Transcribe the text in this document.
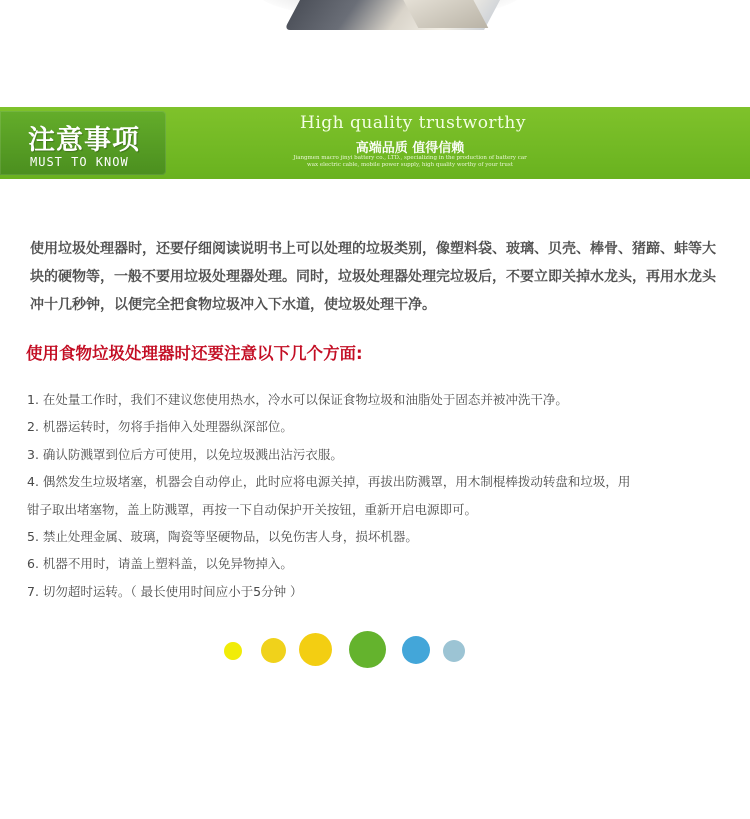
注意事项
MUST TO KNOW
High quality trustworthy
高端品质 值得信赖
Jiangmen macro jinyi battery co., LTD., specializing in the production of battery car
wax electric cable, mobile power supply, high quality worthy of your trust

使用垃圾处理器时，还要仔细阅读说明书上可以处理的垃圾类别，像塑料袋、玻璃、贝壳、棒骨、猪蹄、蚌等大块的硬物等，一般不要用垃圾处理器处理。同时，垃圾处理器处理完垃圾后，不要立即关掉水龙头，再用水龙头冲十几秒钟，以便完全把食物垃圾冲入下水道，使垃圾处理干净。

使用食物垃圾处理器时还要注意以下几个方面:
1. 在处量工作时，我们不建议您使用热水，冷水可以保证食物垃圾和油脂处于固态并被冲洗干净。
2. 机器运转时，勿将手指伸入处理器纵深部位。
3. 确认防溅罩到位后方可使用，以免垃圾溅出沾污衣服。
4. 偶然发生垃圾堵塞，机器会自动停止，此时应将电源关掉，再拔出防溅罩，用木制棍棒拨动转盘和垃圾，用
钳子取出堵塞物，盖上防溅罩，再按一下自动保护开关按钮，重新开启电源即可。
5. 禁止处理金属、玻璃，陶瓷等坚硬物品，以免伤害人身，损坏机器。
6. 机器不用时，请盖上塑料盖，以免异物掉入。
7. 切勿超时运转。（ 最长使用时间应小于5分钟 ）
